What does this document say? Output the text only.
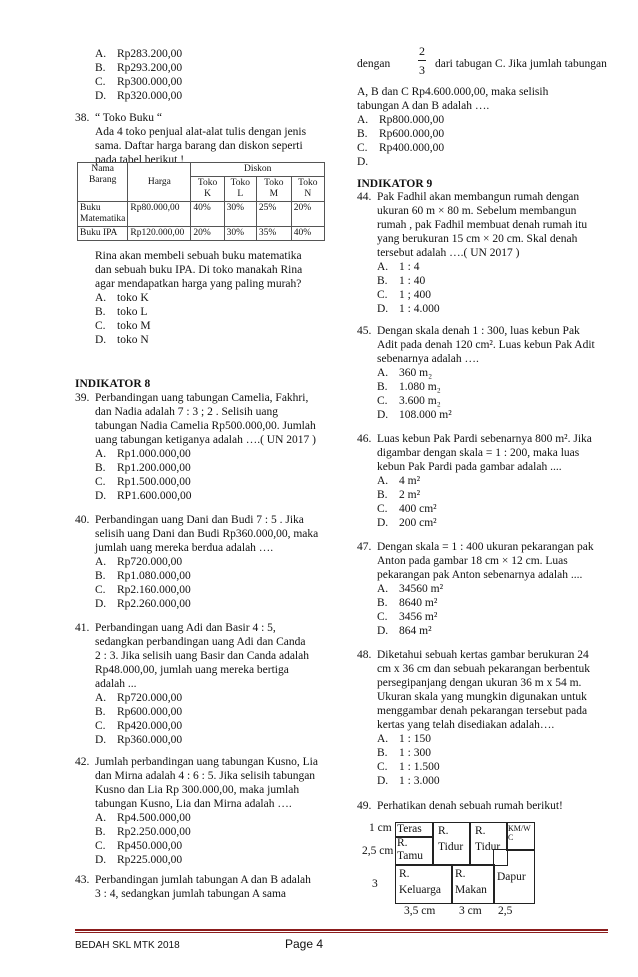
A. Rp283.200,00
B. Rp293.200,00
C. Rp300.000,00
D. Rp320.000,00
38. “ Toko Buku “
Ada 4 toko penjual alat-alat tulis dengan jenis
sama. Daftar harga barang dan diskon seperti
pada tabel berikut !
Nama Barang	Harga	Diskon			
		Toko K	Toko L	Toko M	Toko N
Buku Matematika	Rp80.000,00	40%	30%	25%	20%
Buku IPA	Rp120.000,00	20%	30%	35%	40%
Rina akan membeli sebuah buku matematika
dan sebuah buku IPA. Di toko manakah Rina
agar mendapatkan harga yang paling murah?
A. toko K
B. toko L
C. toko M
D. toko N
INDIKATOR 8
39. Perbandingan uang tabungan Camelia, Fakhri,
dan Nadia adalah 7 : 3 ; 2 . Selisih uang
tabungan Nadia Camelia Rp500.000,00. Jumlah
uang tabungan ketiganya adalah ….( UN 2017 )
A. Rp1.000.000,00
B. Rp1.200.000,00
C. Rp1.500.000,00
D. RP1.600.000,00
40. Perbandingan uang Dani dan Budi 7 : 5 . Jika
selisih uang Dani dan Budi Rp360.000,00, maka
jumlah uang mereka berdua adalah ….
A. Rp720.000,00
B. Rp1.080.000,00
C. Rp2.160.000,00
D. Rp2.260.000,00
41. Perbandingan uang Adi dan Basir 4 : 5,
sedangkan perbandingan uang Adi dan Canda
2 : 3. Jika selisih uang Basir dan Canda adalah
Rp48.000,00, jumlah uang mereka bertiga
adalah ...
A. Rp720.000,00
B. Rp600.000,00
C. Rp420.000,00
D. Rp360.000,00
42. Jumlah perbandingan uang tabungan Kusno, Lia
dan Mirna adalah 4 : 6 : 5. Jika selisih tabungan
Kusno dan Lia Rp 300.000,00, maka jumlah
tabungan Kusno, Lia dan Mirna adalah ….
A. Rp4.500.000,00
B. Rp2.250.000,00
C. Rp450.000,00
D. Rp225.000,00
43. Perbandingan jumlah tabungan A dan B adalah
3 : 4, sedangkan jumlah tabungan A sama
dengan
2
3 dari tabugan C. Jika jumlah tabungan
A, B dan C Rp4.600.000,00, maka selisih
tabungan A dan B adalah ….
A. Rp800.000,00
B. Rp600.000,00
C. Rp400.000,00
D.
INDIKATOR 9
44. Pak Fadhil akan membangun rumah dengan
ukuran 60 m × 80 m. Sebelum membangun
rumah , pak Fadhil membuat denah rumah itu
yang berukuran 15 cm × 20 cm. Skal denah
tersebut adalah ….( UN 2017 )
A. 1 : 4
B. 1 : 40
C. 1 ; 400
D. 1 : 4.000
45. Dengan skala denah 1 : 300, luas kebun Pak
Adit pada denah 120 cm². Luas kebun Pak Adit
sebenarnya adalah ….
A. 360 m₂
B. 1.080 m₂
C. 3.600 m₂
D. 108.000 m²
46. Luas kebun Pak Pardi sebenarnya 800 m². Jika
digambar dengan skala = 1 : 200, maka luas
kebun Pak Pardi pada gambar adalah ....
A. 4 m²
B. 2 m²
C. 400 cm²
D. 200 cm²
47. Dengan skala = 1 : 400 ukuran pekarangan pak
Anton pada gambar 18 cm × 12 cm. Luas
pekarangan pak Anton sebenarnya adalah ....
A. 34560 m²
B. 8640 m²
C. 3456 m²
D. 864 m²
48. Diketahui sebuah kertas gambar berukuran 24
cm x 36 cm dan sebuah pekarangan berbentuk
persegipanjang dengan ukuran 36 m x 54 m.
Ukuran skala yang mungkin digunakan untuk
menggambar denah pekarangan tersebut pada
kertas yang telah disediakan adalah….
A. 1 : 150
B. 1 : 300
C. 1 : 1.500
D. 1 : 3.000
49. Perhatikan denah sebuah rumah berikut!
1 cm
2,5 cm
3
3,5 cm 3 cm 2,5
Teras
R.
Tamu
R.
Tidur
R.
Tidur
KM/W
C
R.
Keluarga
R.
Makan
Dapur
BEDAH SKL MTK 2018	Page 4
